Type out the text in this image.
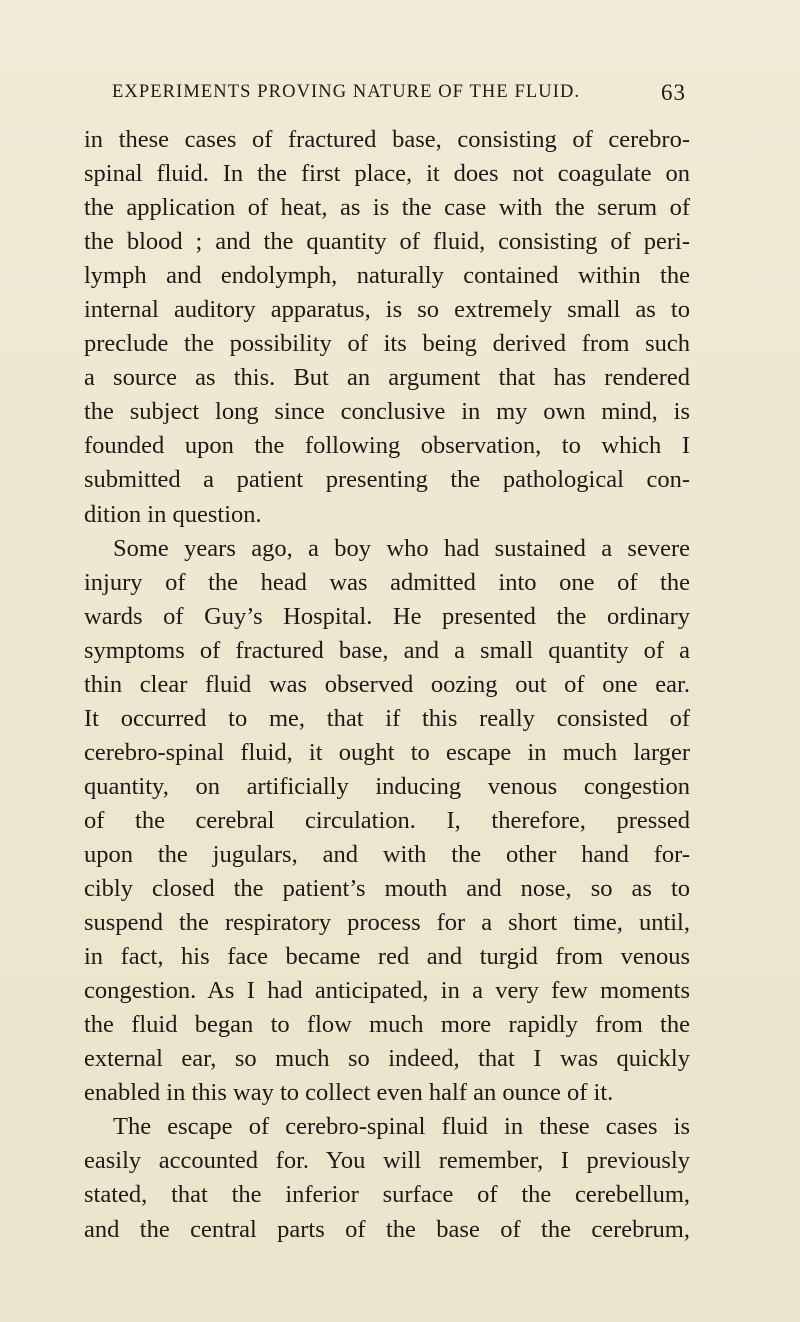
EXPERIMENTS PROVING NATURE OF THE FLUID.	63
in these cases of fractured base, consisting of cerebro-
spinal fluid. In the first place, it does not coagulate on
the application of heat, as is the case with the serum of
the blood ; and the quantity of fluid, consisting of peri-
lymph and endolymph, naturally contained within the
internal auditory apparatus, is so extremely small as to
preclude the possibility of its being derived from such
a source as this. But an argument that has rendered
the subject long since conclusive in my own mind, is
founded upon the following observation, to which I
submitted a patient presenting the pathological con-
dition in question.
Some years ago, a boy who had sustained a severe
injury of the head was admitted into one of the
wards of Guy’s Hospital. He presented the ordinary
symptoms of fractured base, and a small quantity of a
thin clear fluid was observed oozing out of one ear.
It occurred to me, that if this really consisted of
cerebro-spinal fluid, it ought to escape in much larger
quantity, on artificially inducing venous congestion
of the cerebral circulation. I, therefore, pressed
upon the jugulars, and with the other hand for-
cibly closed the patient’s mouth and nose, so as to
suspend the respiratory process for a short time, until,
in fact, his face became red and turgid from venous
congestion. As I had anticipated, in a very few moments
the fluid began to flow much more rapidly from the
external ear, so much so indeed, that I was quickly
enabled in this way to collect even half an ounce of it.
The escape of cerebro-spinal fluid in these cases is
easily accounted for. You will remember, I previously
stated, that the inferior surface of the cerebellum,
and the central parts of the base of the cerebrum,
